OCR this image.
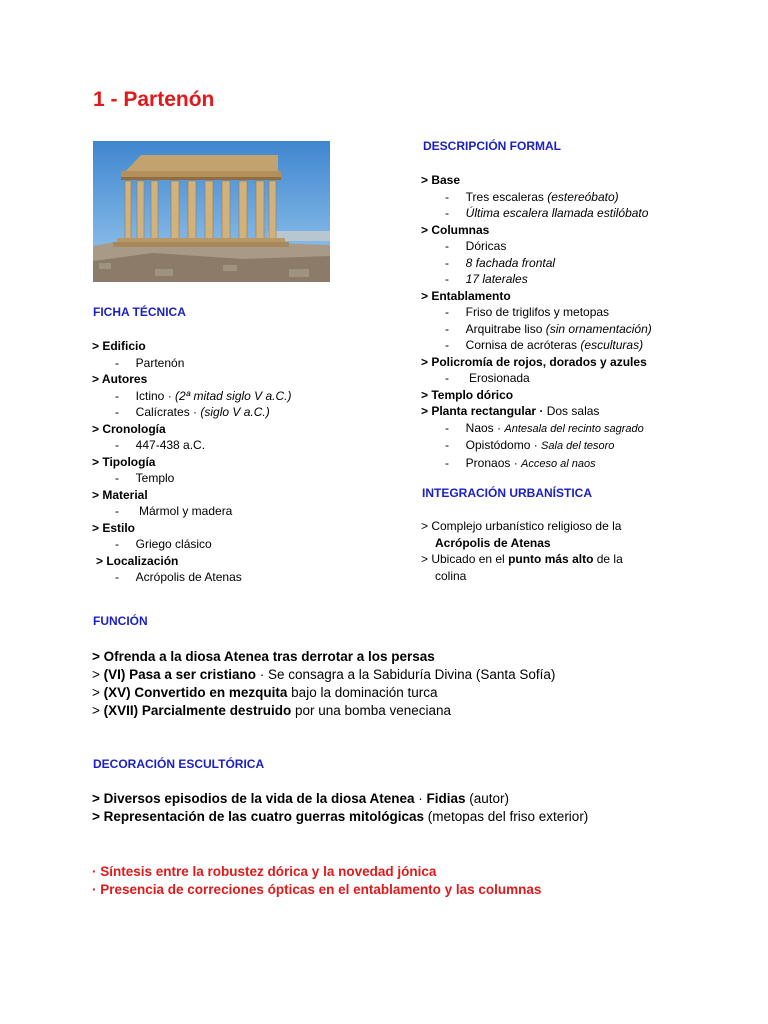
1 - Partenón
FICHA TÉCNICA
> Edificio
-     Partenón
> Autores
-     Ictino · (2ª mitad siglo V a.C.)
-     Calícrates · (siglo V a.C.)
> Cronología
-     447-438 a.C.
> Tipología
-     Templo
> Material
-      Mármol y madera
> Estilo
-     Griego clásico
> Localización
-     Acrópolis de Atenas
DESCRIPCIÓN FORMAL
> Base
-     Tres escaleras (estereóbato)
-     Última escalera llamada estilóbato
> Columnas
-     Dóricas
-     8 fachada frontal
-     17 laterales
> Entablamento
-     Friso de triglifos y metopas
-     Arquitrabe liso (sin ornamentación)
-     Cornisa de acróteras (esculturas)
> Policromía de rojos, dorados y azules
-      Erosionada
> Templo dórico
> Planta rectangular · Dos salas
-     Naos · Antesala del recinto sagrado
-     Opistódomo · Sala del tesoro
-     Pronaos · Acceso al naos
INTEGRACIÓN URBANÍSTICA
> Complejo urbanístico religioso de la
Acrópolis de Atenas
> Ubicado en el punto más alto de la
colina
FUNCIÓN
> Ofrenda a la diosa Atenea tras derrotar a los persas
> (VI) Pasa a ser cristiano · Se consagra a la Sabiduría Divina (Santa Sofía)
> (XV) Convertido en mezquita bajo la dominación turca
> (XVII) Parcialmente destruido por una bomba veneciana
DECORACIÓN ESCULTÓRICA
> Diversos episodios de la vida de la diosa Atenea · Fidias (autor)
> Representación de las cuatro guerras mitológicas (metopas del friso exterior)
· Síntesis entre la robustez dórica y la novedad jónica
· Presencia de correciones ópticas en el entablamento y las columnas
